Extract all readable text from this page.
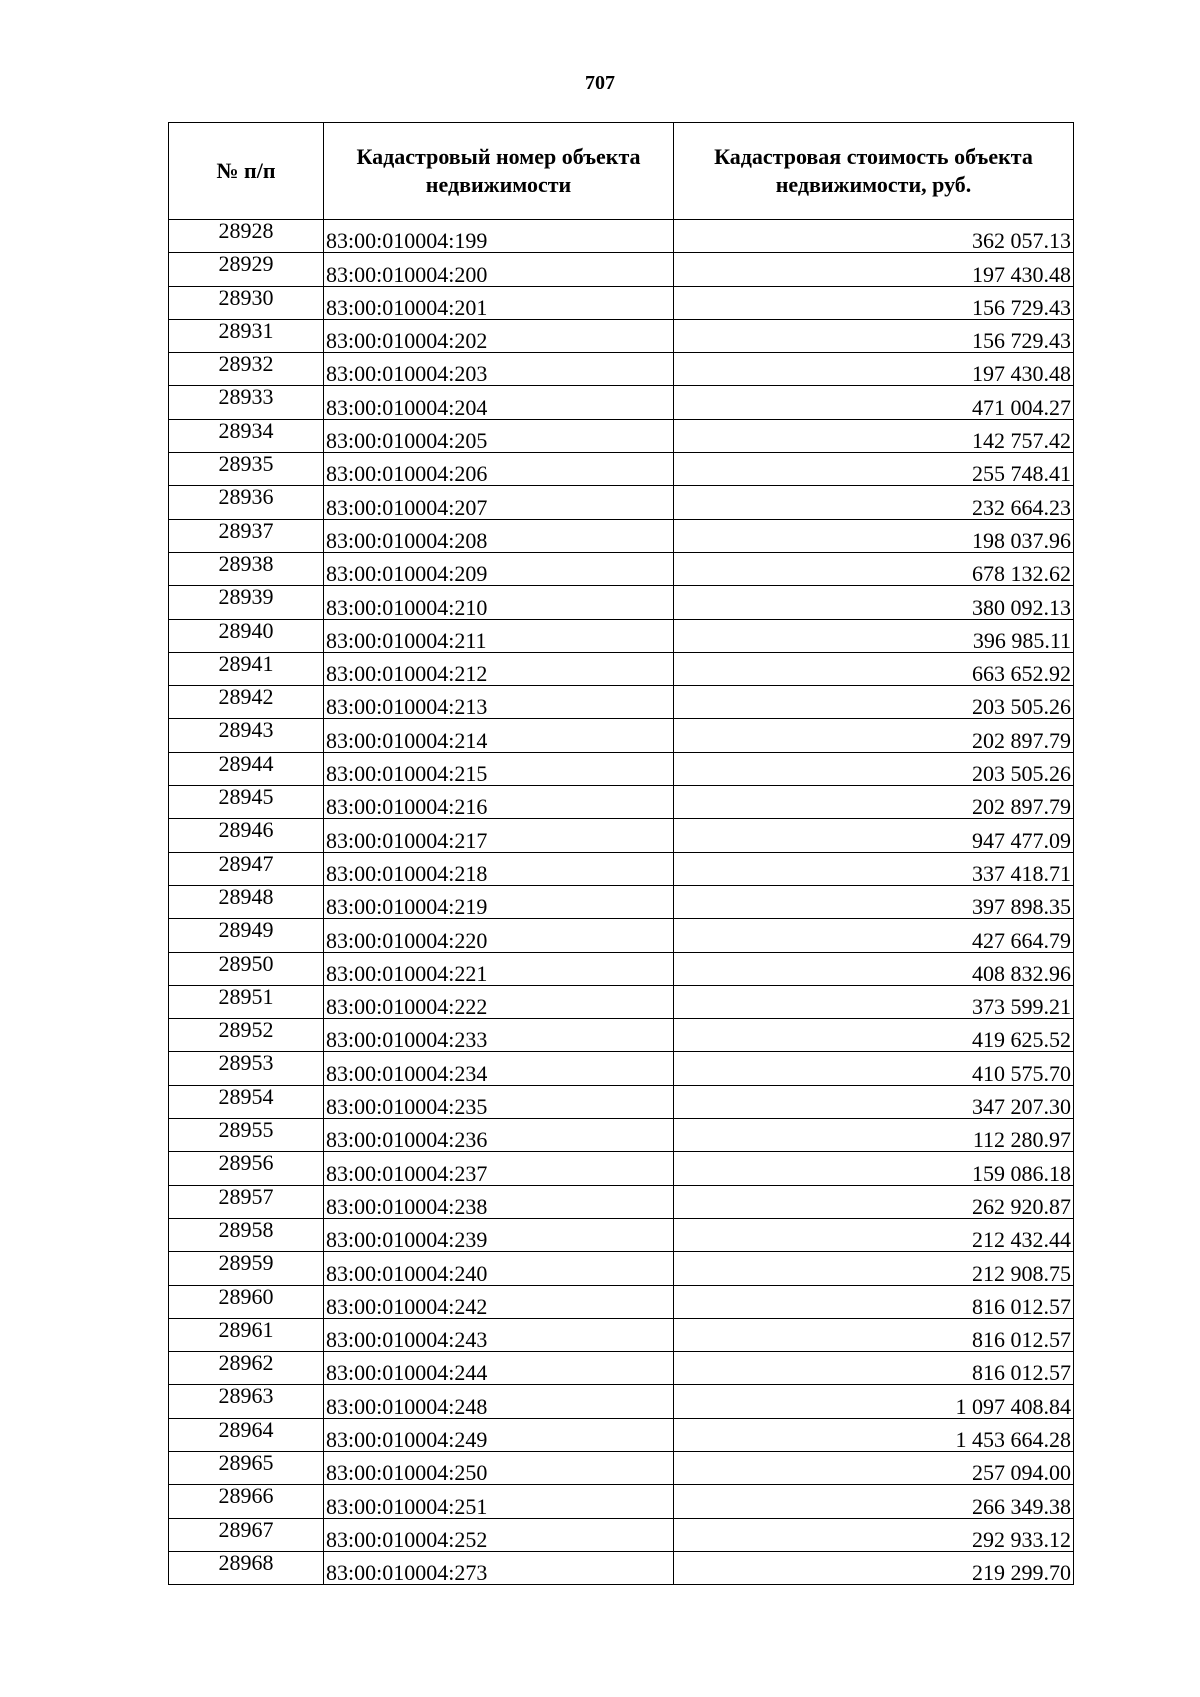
707
№ п/п	Кадастровый номер объекта недвижимости	Кадастровая стоимость объекта недвижимости, руб.
28928	83:00:010004:199	362 057.13
28929	83:00:010004:200	197 430.48
28930	83:00:010004:201	156 729.43
28931	83:00:010004:202	156 729.43
28932	83:00:010004:203	197 430.48
28933	83:00:010004:204	471 004.27
28934	83:00:010004:205	142 757.42
28935	83:00:010004:206	255 748.41
28936	83:00:010004:207	232 664.23
28937	83:00:010004:208	198 037.96
28938	83:00:010004:209	678 132.62
28939	83:00:010004:210	380 092.13
28940	83:00:010004:211	396 985.11
28941	83:00:010004:212	663 652.92
28942	83:00:010004:213	203 505.26
28943	83:00:010004:214	202 897.79
28944	83:00:010004:215	203 505.26
28945	83:00:010004:216	202 897.79
28946	83:00:010004:217	947 477.09
28947	83:00:010004:218	337 418.71
28948	83:00:010004:219	397 898.35
28949	83:00:010004:220	427 664.79
28950	83:00:010004:221	408 832.96
28951	83:00:010004:222	373 599.21
28952	83:00:010004:233	419 625.52
28953	83:00:010004:234	410 575.70
28954	83:00:010004:235	347 207.30
28955	83:00:010004:236	112 280.97
28956	83:00:010004:237	159 086.18
28957	83:00:010004:238	262 920.87
28958	83:00:010004:239	212 432.44
28959	83:00:010004:240	212 908.75
28960	83:00:010004:242	816 012.57
28961	83:00:010004:243	816 012.57
28962	83:00:010004:244	816 012.57
28963	83:00:010004:248	1 097 408.84
28964	83:00:010004:249	1 453 664.28
28965	83:00:010004:250	257 094.00
28966	83:00:010004:251	266 349.38
28967	83:00:010004:252	292 933.12
28968	83:00:010004:273	219 299.70
